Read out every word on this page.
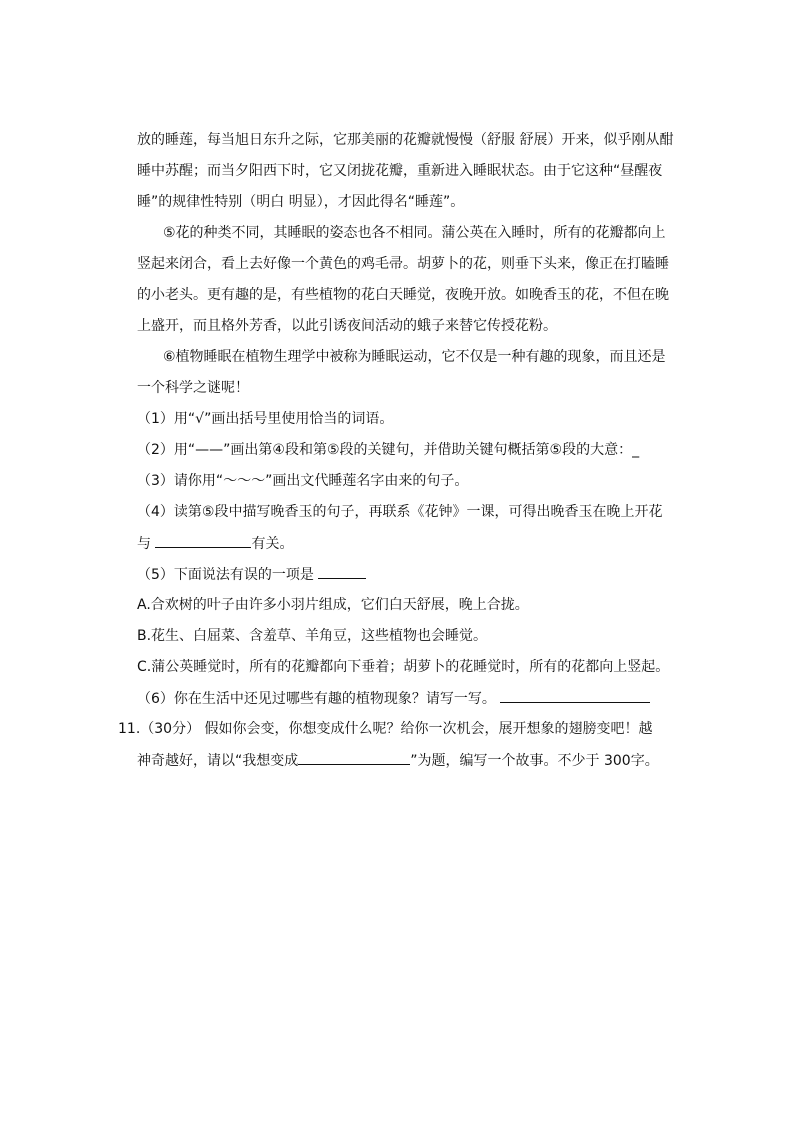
放的睡莲，每当旭日东升之际，它那美丽的花瓣就慢慢（舒服 舒展）开来，似乎刚从酣
睡中苏醒；而当夕阳西下时，它又闭拢花瓣，重新进入睡眠状态。由于它这种“昼醒夜
睡”的规律性特别（明白 明显），才因此得名“睡莲”。
⑤花的种类不同，其睡眠的姿态也各不相同。蒲公英在入睡时，所有的花瓣都向上
竖起来闭合，看上去好像一个黄色的鸡毛帚。胡萝卜的花，则垂下头来，像正在打瞌睡
的小老头。更有趣的是，有些植物的花白天睡觉，夜晚开放。如晚香玉的花，不但在晚
上盛开，而且格外芳香，以此引诱夜间活动的蛾子来替它传授花粉。
⑥植物睡眠在植物生理学中被称为睡眠运动，它不仅是一种有趣的现象，而且还是
一个科学之谜呢！
（1）用“√”画出括号里使用恰当的词语。
（2）用“——”画出第④段和第⑤段的关键句，并借助关键句概括第⑤段的大意：_
（3）请你用“～～～”画出文代睡莲名字由来的句子。
（4）读第⑤段中描写晚香玉的句子，再联系《花钟》一课，可得出晚香玉在晚上开花
与	有关。
（5）下面说法有误的一项是
A.合欢树的叶子由许多小羽片组成，它们白天舒展，晚上合拢。
B.花生、白屈菜、含羞草、羊角豆，这些植物也会睡觉。
C.蒲公英睡觉时，所有的花瓣都向下垂着；胡萝卜的花睡觉时，所有的花都向上竖起。
（6）你在生活中还见过哪些有趣的植物现象？请写一写。
11.（30分） 假如你会变，你想变成什么呢？给你一次机会，展开想象的翅膀变吧！越
神奇越好，请以“我想变成	”为题，编写一个故事。不少于 300字。
